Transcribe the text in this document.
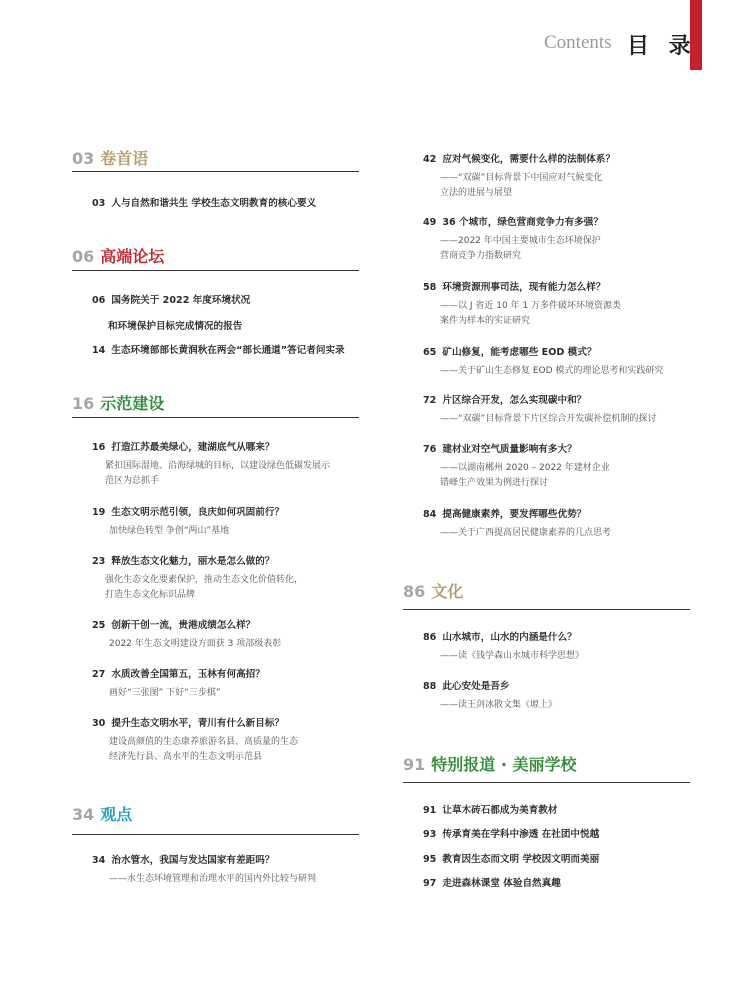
Contents 目 录
03 卷首语
03 人与自然和谐共生 学校生态文明教育的核心要义
06 高端论坛
06 国务院关于 2022 年度环境状况
和环境保护目标完成情况的报告
14 生态环境部部长黄润秋在两会“部长通道”答记者问实录
16 示范建设
16 打造江苏最美绿心，建湖底气从哪来？
紧扣国际湿地、沿海绿城的目标，以建设绿色低碳发展示
范区为总抓手
19 生态文明示范引领，良庆如何巩固前行？
加快绿色转型 争创“两山”基地
23 释放生态文化魅力，丽水是怎么做的？
强化生态文化要素保护，推动生态文化价值转化，
打造生态文化标识品牌
25 创新干创一流，贵港成绩怎么样？
2022 年生态文明建设方面获 3 项部级表彰
27 水质改善全国第五，玉林有何高招？
画好“三张图” 下好“三步棋”
30 提升生态文明水平，青川有什么新目标？
建设高颜值的生态康养旅游名县、高质量的生态
经济先行县、高水平的生态文明示范县
34 观点
34 治水管水，我国与发达国家有差距吗？
——水生态环境管理和治理水平的国内外比较与研判
42 应对气候变化，需要什么样的法制体系？
——“双碳”目标背景下中国应对气候变化
立法的进展与展望
49 36 个城市，绿色营商竞争力有多强？
——2022 年中国主要城市生态环境保护
营商竞争力指数研究
58 环境资源刑事司法，现有能力怎么样？
——以 J 省近 10 年 1 万多件破坏环境资源类
案件为样本的实证研究
65 矿山修复，能考虑哪些 EOD 模式？
——关于矿山生态修复 EOD 模式的理论思考和实践研究
72 片区综合开发，怎么实现碳中和？
——“双碳”目标背景下片区综合开发碳补偿机制的探讨
76 建材业对空气质量影响有多大？
——以湖南郴州 2020 – 2022 年建材企业
错峰生产效果为例进行探讨
84 提高健康素养，要发挥哪些优势？
——关于广西提高居民健康素养的几点思考
86 文化
86 山水城市，山水的内涵是什么？
——读《钱学森山水城市科学思想》
88 此心安处是吾乡
——读王剑冰散文集《塬上》
91 特别报道 · 美丽学校
91 让草木砖石都成为美育教材
93 传承育美在学科中渗透 在社团中悦越
95 教育因生态而文明 学校因文明而美丽
97 走进森林课堂 体验自然真趣
